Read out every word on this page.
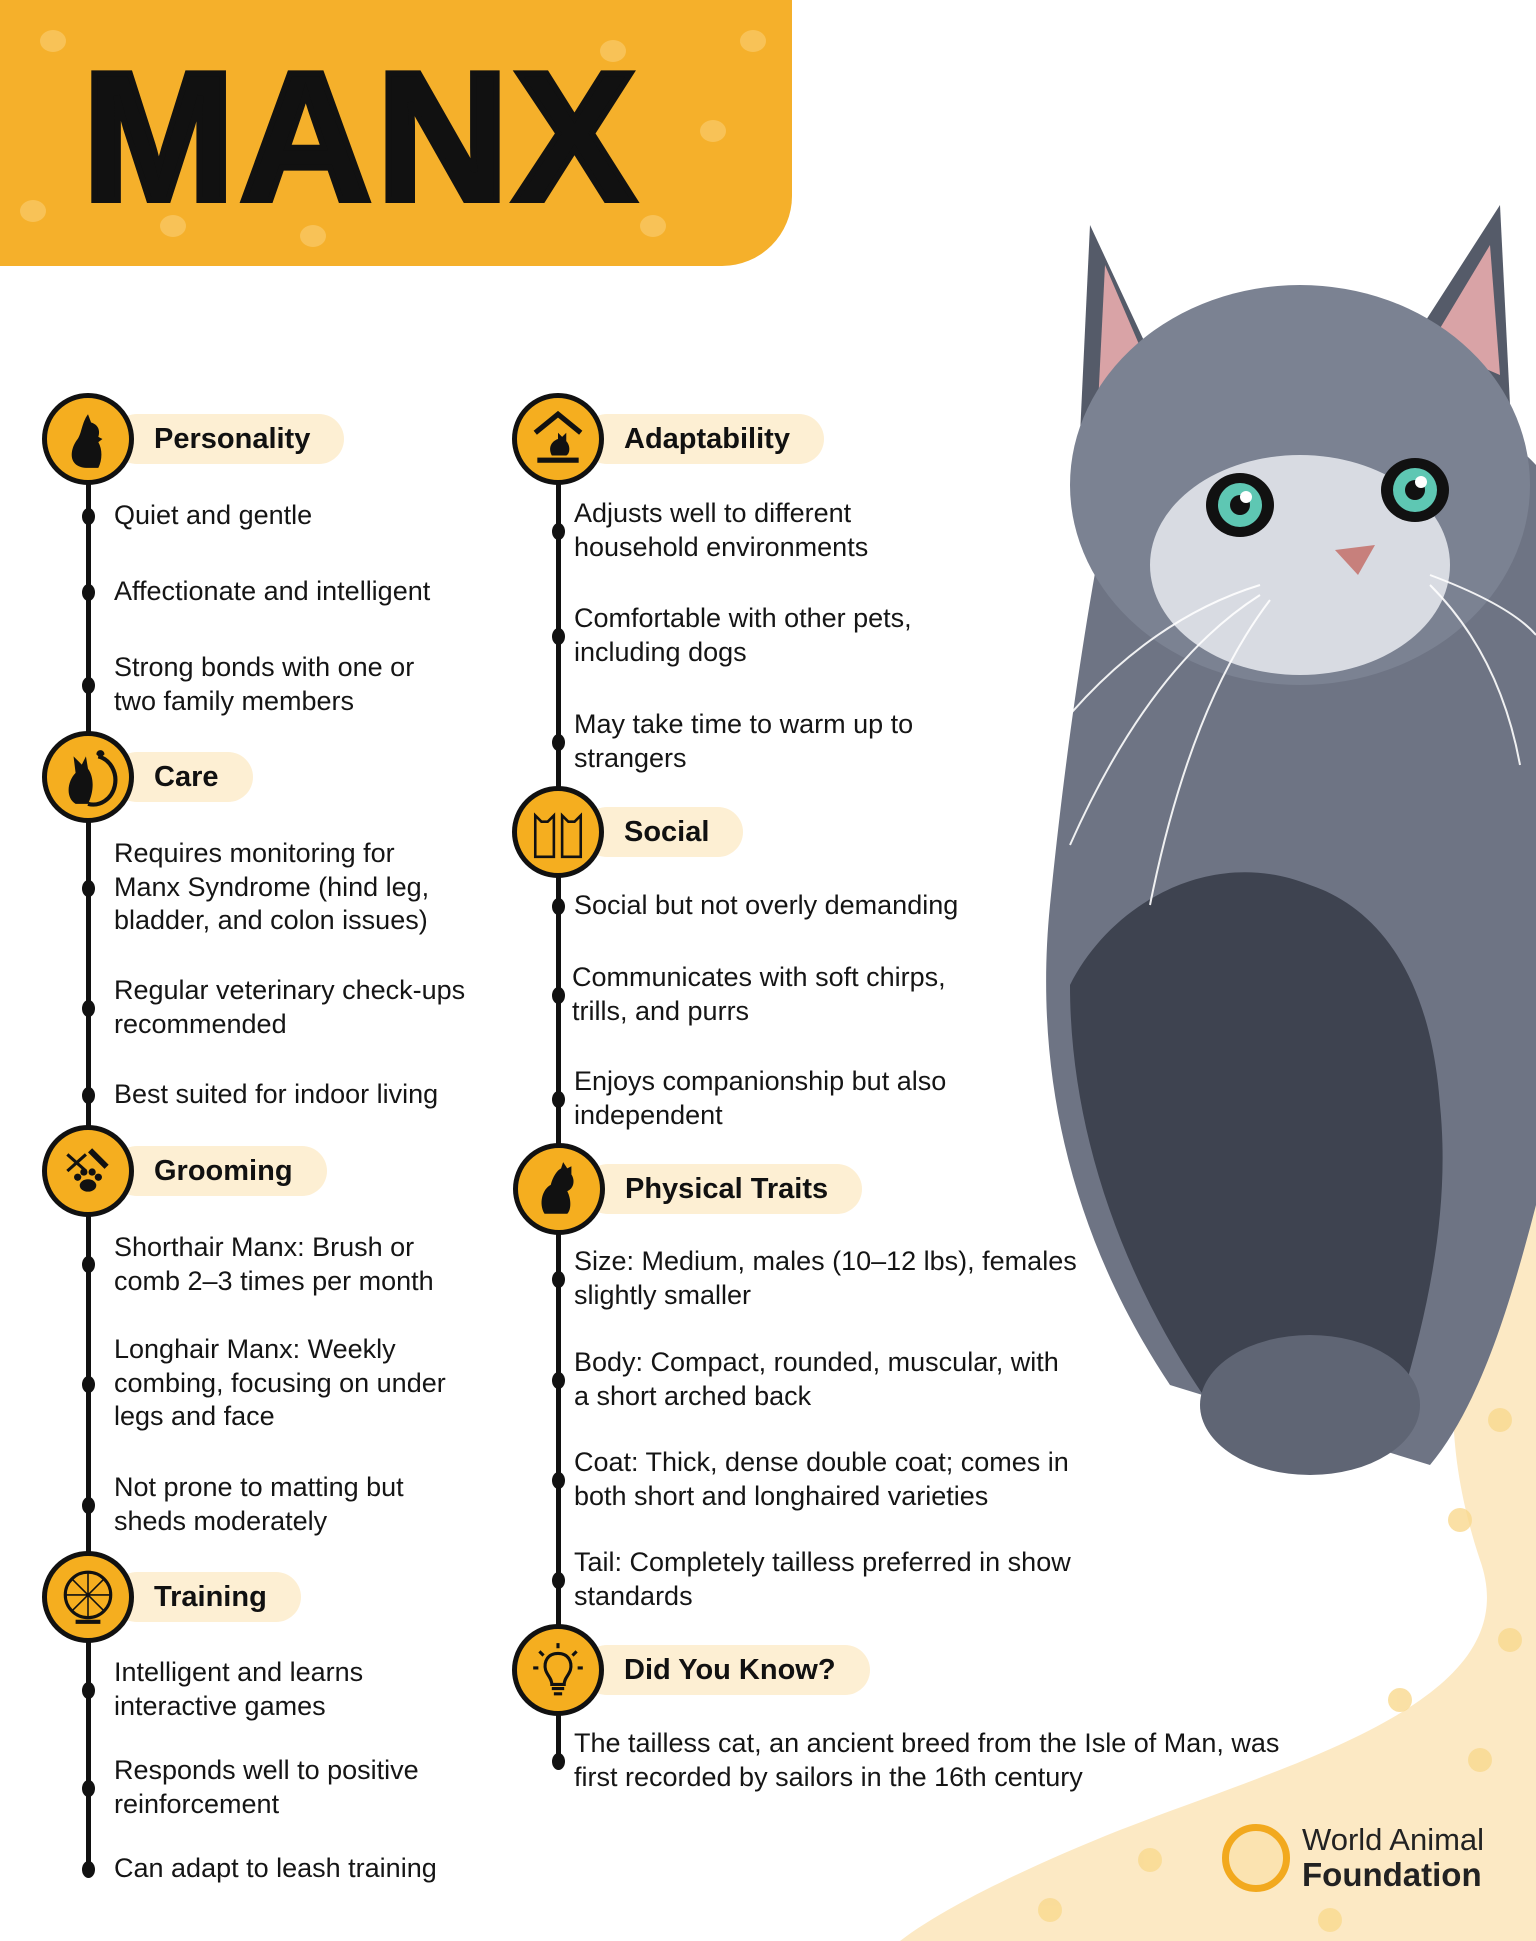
MANX
Personality
Quiet and gentle
Affectionate and intelligent
Strong bonds with one or
two family members
Care
Requires monitoring for
Manx Syndrome (hind leg,
bladder, and colon issues)
Regular veterinary check-ups
recommended
Best suited for indoor living
Grooming
Shorthair Manx: Brush or
comb 2–3 times per month
Longhair Manx: Weekly
combing, focusing on under
legs and face
Not prone to matting but
sheds moderately
Training
Intelligent and learns
interactive games
Responds well to positive
reinforcement
Can adapt to leash training
Adaptability
Adjusts well to different
household environments
Comfortable with other pets,
including dogs
May take time to warm up to
strangers
Social
Social but not overly demanding
Communicates with soft chirps,
trills, and purrs
Enjoys companionship but also
independent
Physical Traits
Size: Medium, males (10–12 lbs), females
slightly smaller
Body: Compact, rounded, muscular, with
a short arched back
Coat: Thick, dense double coat; comes in
both short and longhaired varieties
Tail: Completely tailless preferred in show
standards
Did You Know?
The tailless cat, an ancient breed from the Isle of Man, was
first recorded by sailors in the 16th century
World Animal
Foundation
